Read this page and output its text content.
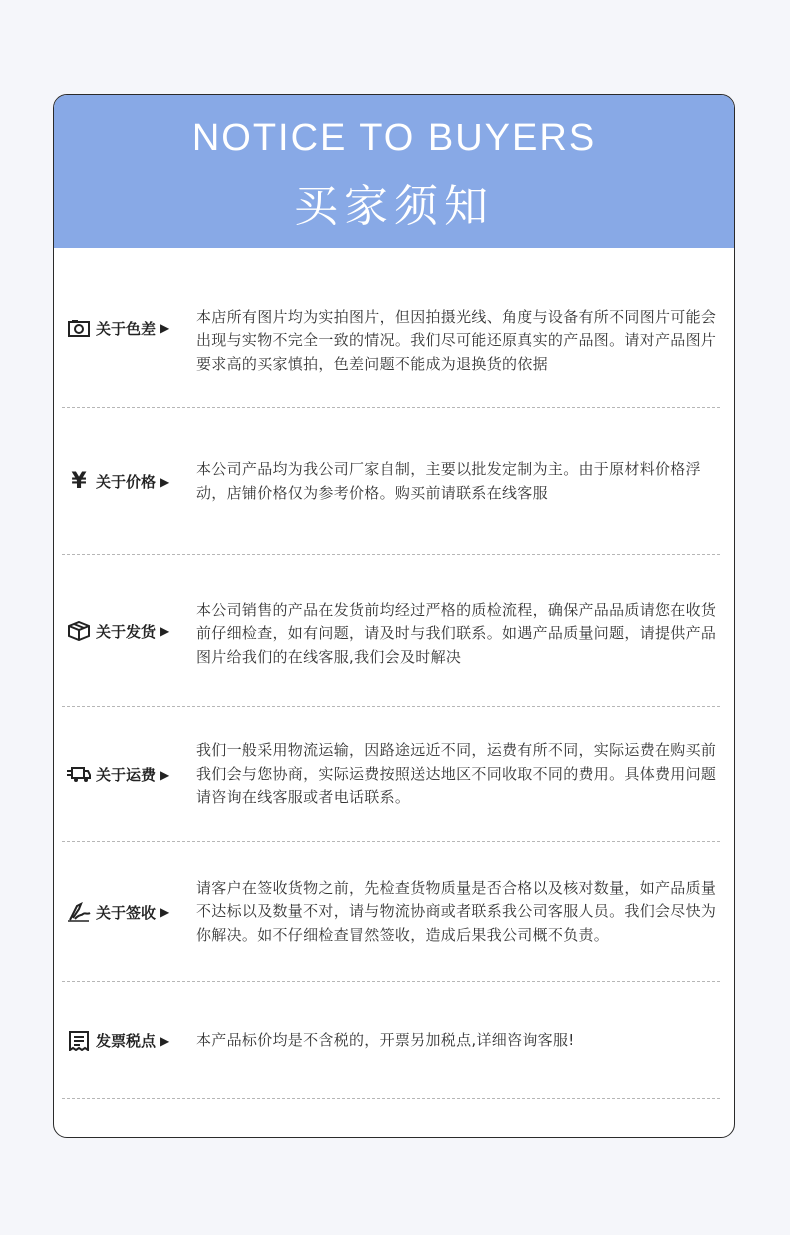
NOTICE TO BUYERS
买家须知
关于色差 ▶
本店所有图片均为实拍图片，但因拍摄光线、角度与设备有所不同图片可能会出现与实物不完全一致的情况。我们尽可能还原真实的产品图。请对产品图片要求高的买家慎拍，色差问题不能成为退换货的依据
¥ 关于价格 ▶
本公司产品均为我公司厂家自制，主要以批发定制为主。由于原材料价格浮动，店铺价格仅为参考价格。购买前请联系在线客服
关于发货 ▶
本公司销售的产品在发货前均经过严格的质检流程，确保产品品质请您在收货前仔细检查，如有问题，请及时与我们联系。如遇产品质量问题，请提供产品图片给我们的在线客服,我们会及时解决
关于运费 ▶
我们一般采用物流运输，因路途远近不同，运费有所不同，实际运费在购买前我们会与您协商，实际运费按照送达地区不同收取不同的费用。具体费用问题请咨询在线客服或者电话联系。
关于签收 ▶
请客户在签收货物之前，先检查货物质量是否合格以及核对数量，如产品质量不达标以及数量不对，请与物流协商或者联系我公司客服人员。我们会尽快为你解决。如不仔细检查冒然签收，造成后果我公司概不负责。
发票税点 ▶ 本产品标价均是不含税的，开票另加税点,详细咨询客服!
